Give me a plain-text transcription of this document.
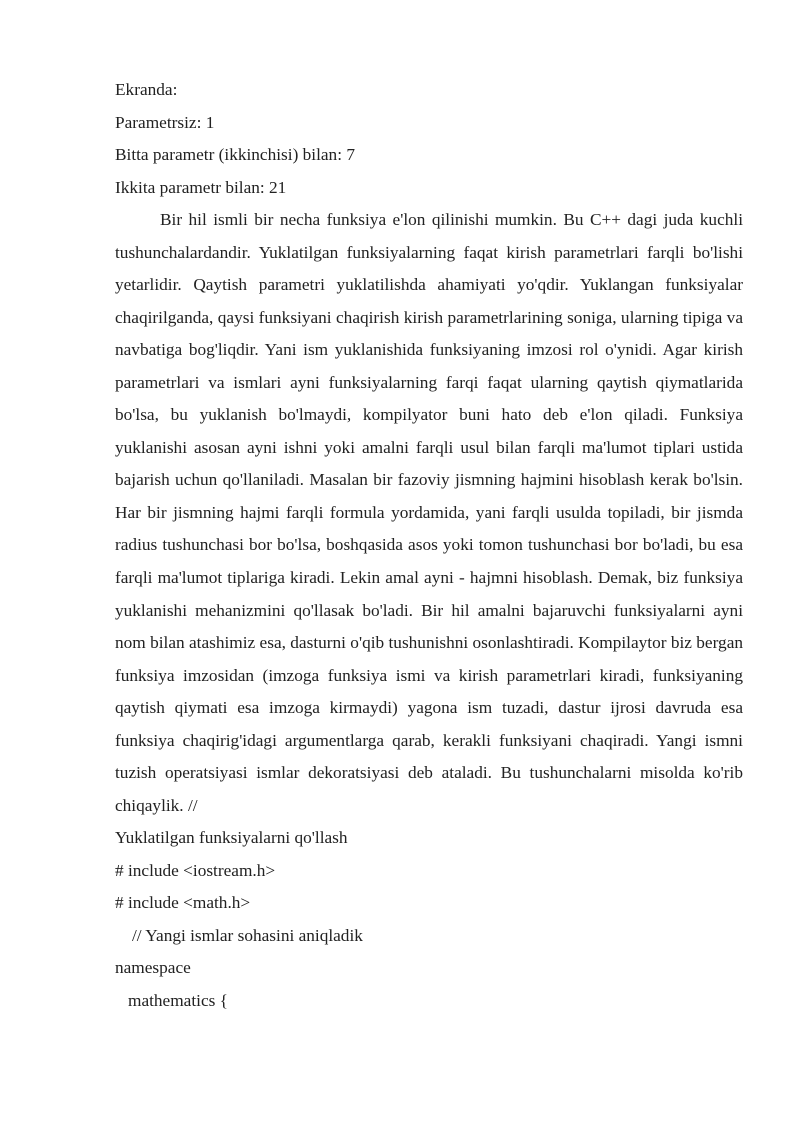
Ekranda:
Parametrsiz: 1
Bitta parametr (ikkinchisi) bilan: 7
Ikkita parametr bilan: 21

Bir hil ismli bir necha funksiya e'lon qilinishi mumkin. Bu C++ dagi juda kuchli tushunchalardandir. Yuklatilgan funksiyalarning faqat kirish parametrlari farqli bo'lishi yetarlidir. Qaytish parametri yuklatilishda ahamiyati yo'qdir. Yuklangan funksiyalar chaqirilganda, qaysi funksiyani chaqirish kirish parametrlarining soniga, ularning tipiga va navbatiga bog'liqdir. Yani ism yuklanishida funksiyaning imzosi rol o'ynidi. Agar kirish parametrlari va ismlari ayni funksiyalarning farqi faqat ularning qaytish qiymatlarida bo'lsa, bu yuklanish bo'lmaydi, kompilyator buni hato deb e'lon qiladi. Funksiya yuklanishi asosan ayni ishni yoki amalni farqli usul bilan farqli ma'lumot tiplari ustida bajarish uchun qo'llaniladi. Masalan bir fazoviy jismning hajmini hisoblash kerak bo'lsin. Har bir jismning hajmi farqli formula yordamida, yani farqli usulda topiladi, bir jismda radius tushunchasi bor bo'lsa, boshqasida asos yoki tomon tushunchasi bor bo'ladi, bu esa farqli ma'lumot tiplariga kiradi. Lekin amal ayni - hajmni hisoblash. Demak, biz funksiya yuklanishi mehanizmini qo'llasak bo'ladi. Bir hil amalni bajaruvchi funksiyalarni ayni nom bilan atashimiz esa, dasturni o'qib tushunishni osonlashtiradi. Kompilaytor biz bergan funksiya imzosidan (imzoga funksiya ismi va kirish parametrlari kiradi, funksiyaning qaytish qiymati esa imzoga kirmaydi) yagona ism tuzadi, dastur ijrosi davruda esa funksiya chaqirig'idagi argumentlarga qarab, kerakli funksiyani chaqiradi. Yangi ismni tuzish operatsiyasi ismlar dekoratsiyasi deb ataladi. Bu tushunchalarni misolda ko'rib chiqaylik. //

Yuklatilgan funksiyalarni qo'llash
# include <iostream.h>
# include <math.h>
// Yangi ismlar sohasini aniqladik
namespace
mathematics {
